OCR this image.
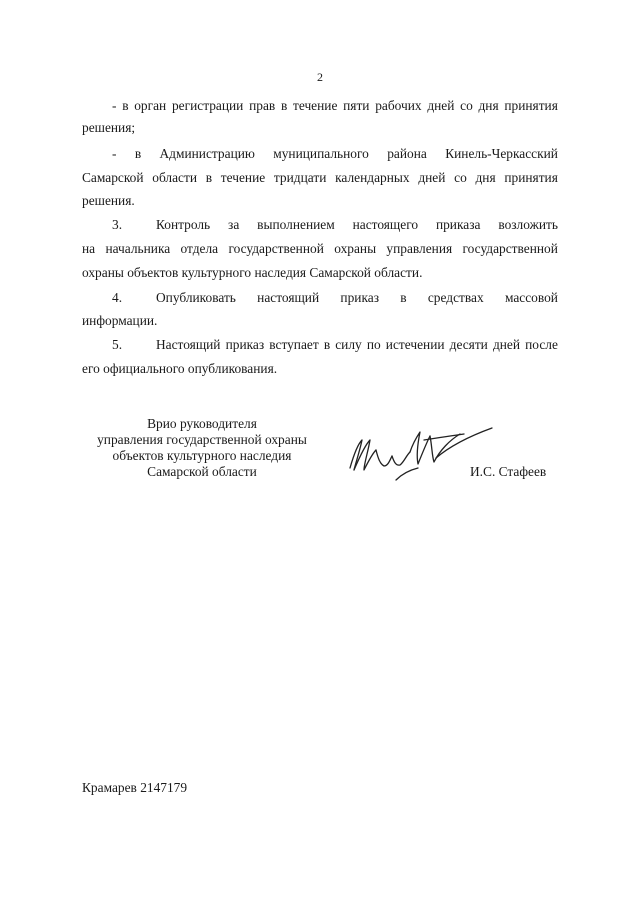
2
- в орган регистрации прав в течение пяти рабочих дней со дня принятия
решения;
- в Администрацию муниципального района Кинель-Черкасский
Самарской области в течение тридцати календарных дней со дня принятия
решения.
3.	Контроль за выполнением настоящего приказа возложить
на начальника отдела государственной охраны управления государственной
охраны объектов культурного наследия Самарской области.
4.	Опубликовать настоящий приказ в средствах массовой
информации.
5.	Настоящий приказ вступает в силу по истечении десяти дней после
его официального опубликования.
Врио руководителя
управления государственной охраны
объектов культурного наследия
Самарской области	И.С. Стафеев
Крамарев 2147179
